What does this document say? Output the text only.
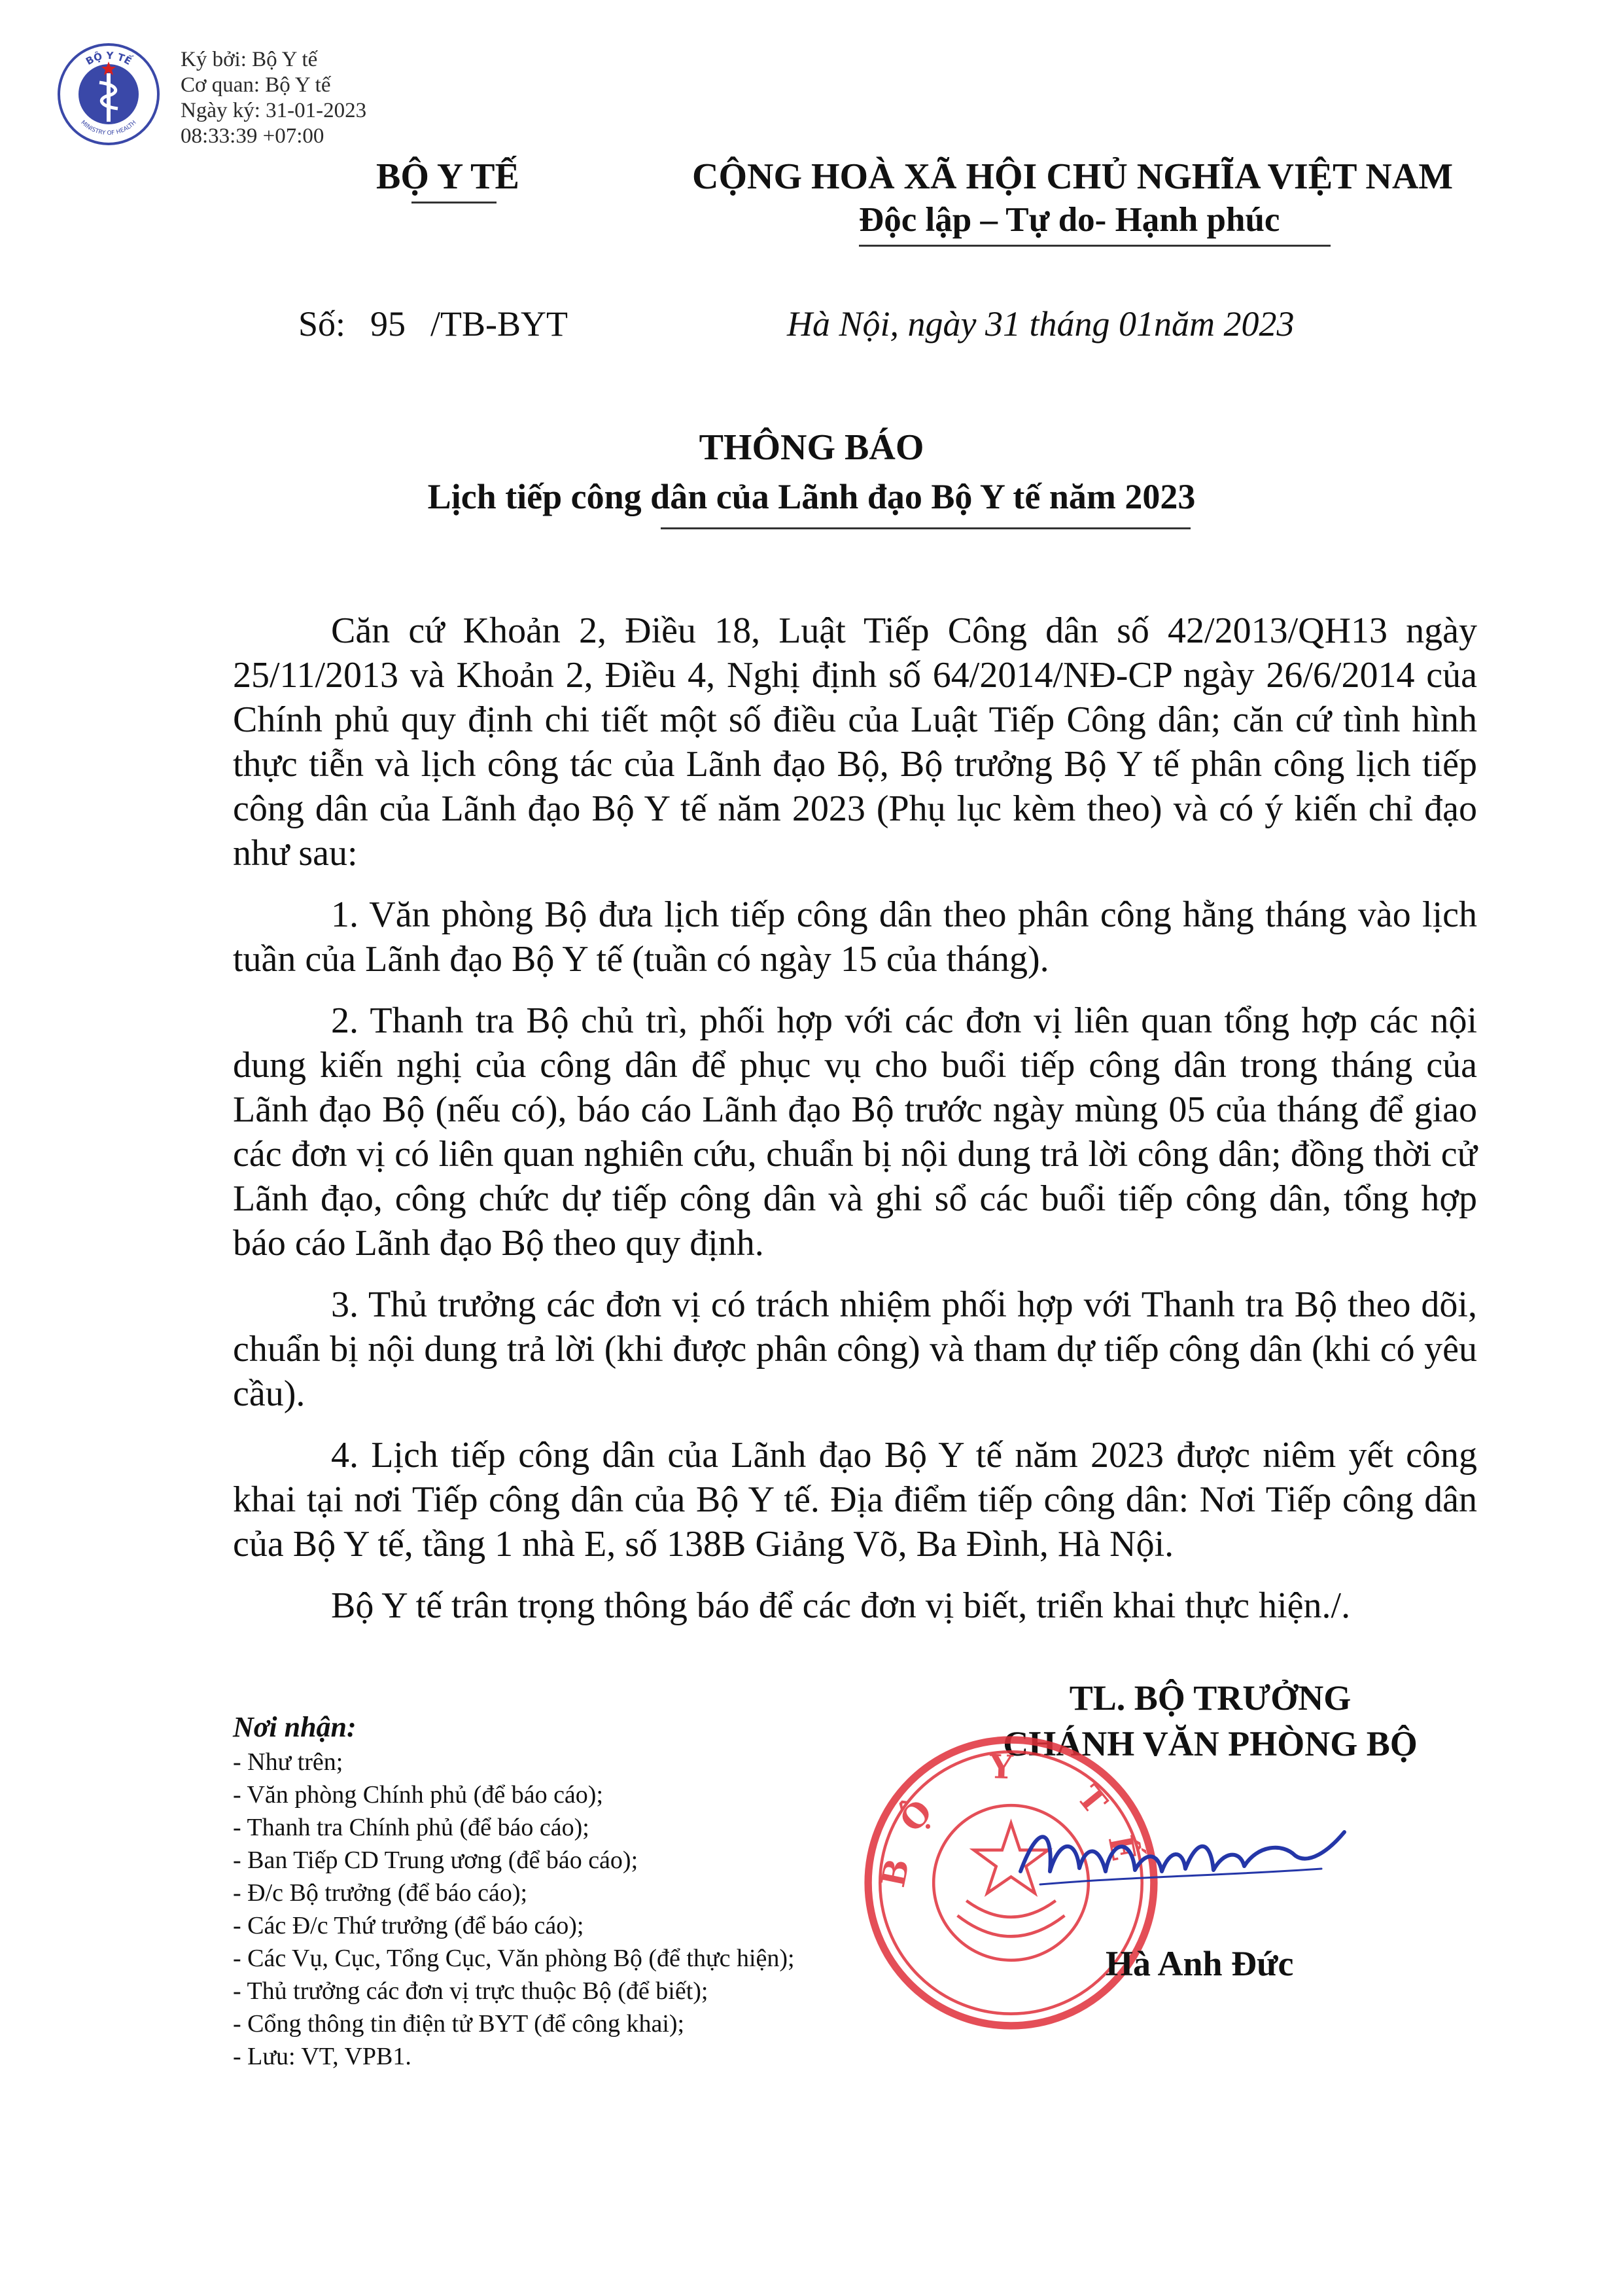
BỘ Y TẾ
MINISTRY OF HEALTH
Ký bởi: Bộ Y tế
Cơ quan: Bộ Y tế
Ngày ký: 31-01-2023
08:33:39 +07:00
BỘ Y TẾ	CỘNG HOÀ XÃ HỘI CHỦ NGHĨA VIỆT NAM
Độc lập – Tự do- Hạnh phúc
Số: 95 /TB-BYT	Hà Nội, ngày 31 tháng 01năm 2023
THÔNG BÁO
Lịch tiếp công dân của Lãnh đạo Bộ Y tế năm 2023

Căn cứ Khoản 2, Điều 18, Luật Tiếp Công dân số 42/2013/QH13 ngày 25/11/2013 và Khoản 2, Điều 4, Nghị định số 64/2014/NĐ-CP ngày 26/6/2014 của Chính phủ quy định chi tiết một số điều của Luật Tiếp Công dân; căn cứ tình hình thực tiễn và lịch công tác của Lãnh đạo Bộ, Bộ trưởng Bộ Y tế phân công lịch tiếp công dân của Lãnh đạo Bộ Y tế năm 2023 (Phụ lục kèm theo) và có ý kiến chỉ đạo như sau:

1. Văn phòng Bộ đưa lịch tiếp công dân theo phân công hằng tháng vào lịch tuần của Lãnh đạo Bộ Y tế (tuần có ngày 15 của tháng).

2. Thanh tra Bộ chủ trì, phối hợp với các đơn vị liên quan tổng hợp các nội dung kiến nghị của công dân để phục vụ cho buổi tiếp công dân trong tháng của Lãnh đạo Bộ (nếu có), báo cáo Lãnh đạo Bộ trước ngày mùng 05 của tháng để giao các đơn vị có liên quan nghiên cứu, chuẩn bị nội dung trả lời công dân; đồng thời cử Lãnh đạo, công chức dự tiếp công dân và ghi sổ các buổi tiếp công dân, tổng hợp báo cáo Lãnh đạo Bộ theo quy định.

3. Thủ trưởng các đơn vị có trách nhiệm phối hợp với Thanh tra Bộ theo dõi, chuẩn bị nội dung trả lời (khi được phân công) và tham dự tiếp công dân (khi có yêu cầu).

4. Lịch tiếp công dân của Lãnh đạo Bộ Y tế năm 2023 được niêm yết công khai tại nơi Tiếp công dân của Bộ Y tế. Địa điểm tiếp công dân: Nơi Tiếp công dân của Bộ Y tế, tầng 1 nhà E, số 138B Giảng Võ, Ba Đình, Hà Nội.

Bộ Y tế trân trọng thông báo để các đơn vị biết, triển khai thực hiện./.

Nơi nhận:
- Như trên;
- Văn phòng Chính phủ (để báo cáo);
- Thanh tra Chính phủ (để báo cáo);
- Ban Tiếp CD Trung ương (để báo cáo);
- Đ/c Bộ trưởng (để báo cáo);
- Các Đ/c Thứ trưởng (để báo cáo);
- Các Vụ, Cục, Tổng Cục, Văn phòng Bộ (để thực hiện);
- Thủ trưởng các đơn vị trực thuộc Bộ (để biết);
- Cổng thông tin điện tử BYT (để công khai);
- Lưu: VT, VPB1.
TL. BỘ TRƯỞNG
CHÁNH VĂN PHÒNG BỘ
BỘ Y TẾ
Hà Anh Đức
